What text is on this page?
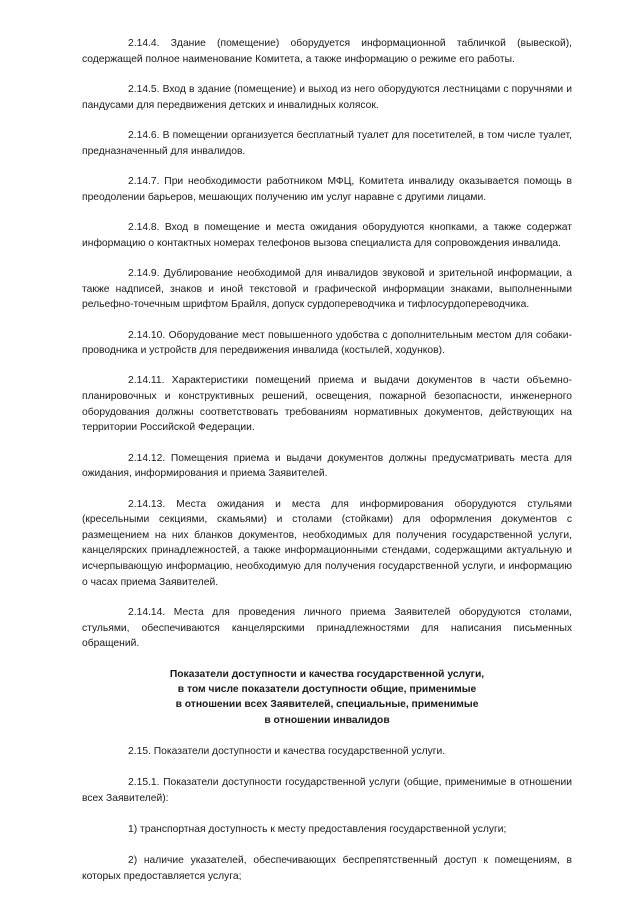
2.14.4. Здание (помещение) оборудуется информационной табличкой (вывеской), содержащей полное наименование Комитета, а также информацию о режиме его работы.

2.14.5. Вход в здание (помещение) и выход из него оборудуются лестницами с поручнями и пандусами для передвижения детских и инвалидных колясок.

2.14.6. В помещении организуется бесплатный туалет для посетителей, в том числе туалет, предназначенный для инвалидов.

2.14.7. При необходимости работником МФЦ, Комитета инвалиду оказывается помощь в преодолении барьеров, мешающих получению им услуг наравне с другими лицами.

2.14.8. Вход в помещение и места ожидания оборудуются кнопками, а также содержат информацию о контактных номерах телефонов вызова специалиста для сопровождения инвалида.

2.14.9. Дублирование необходимой для инвалидов звуковой и зрительной информации, а также надписей, знаков и иной текстовой и графической информации знаками, выполненными рельефно-точечным шрифтом Брайля, допуск сурдопереводчика и тифлосурдопереводчика.

2.14.10. Оборудование мест повышенного удобства с дополнительным местом для собаки-проводника и устройств для передвижения инвалида (костылей, ходунков).

2.14.11. Характеристики помещений приема и выдачи документов в части объемно-планировочных и конструктивных решений, освещения, пожарной безопасности, инженерного оборудования должны соответствовать требованиям нормативных документов, действующих на территории Российской Федерации.

2.14.12. Помещения приема и выдачи документов должны предусматривать места для ожидания, информирования и приема Заявителей.

2.14.13. Места ожидания и места для информирования оборудуются стульями (кресельными секциями, скамьями) и столами (стойками) для оформления документов с размещением на них бланков документов, необходимых для получения государственной услуги, канцелярских принадлежностей, а также информационными стендами, содержащими актуальную и исчерпывающую информацию, необходимую для получения государственной услуги, и информацию о часах приема Заявителей.

2.14.14. Места для проведения личного приема Заявителей оборудуются столами, стульями, обеспечиваются канцелярскими принадлежностями для написания письменных обращений.

Показатели доступности и качества государственной услуги,
в том числе показатели доступности общие, применимые
в отношении всех Заявителей, специальные, применимые
в отношении инвалидов

2.15. Показатели доступности и качества государственной услуги.

2.15.1. Показатели доступности государственной услуги (общие, применимые в отношении всех Заявителей):

1) транспортная доступность к месту предоставления государственной услуги;

2) наличие указателей, обеспечивающих беспрепятственный доступ к помещениям, в которых предоставляется услуга;
